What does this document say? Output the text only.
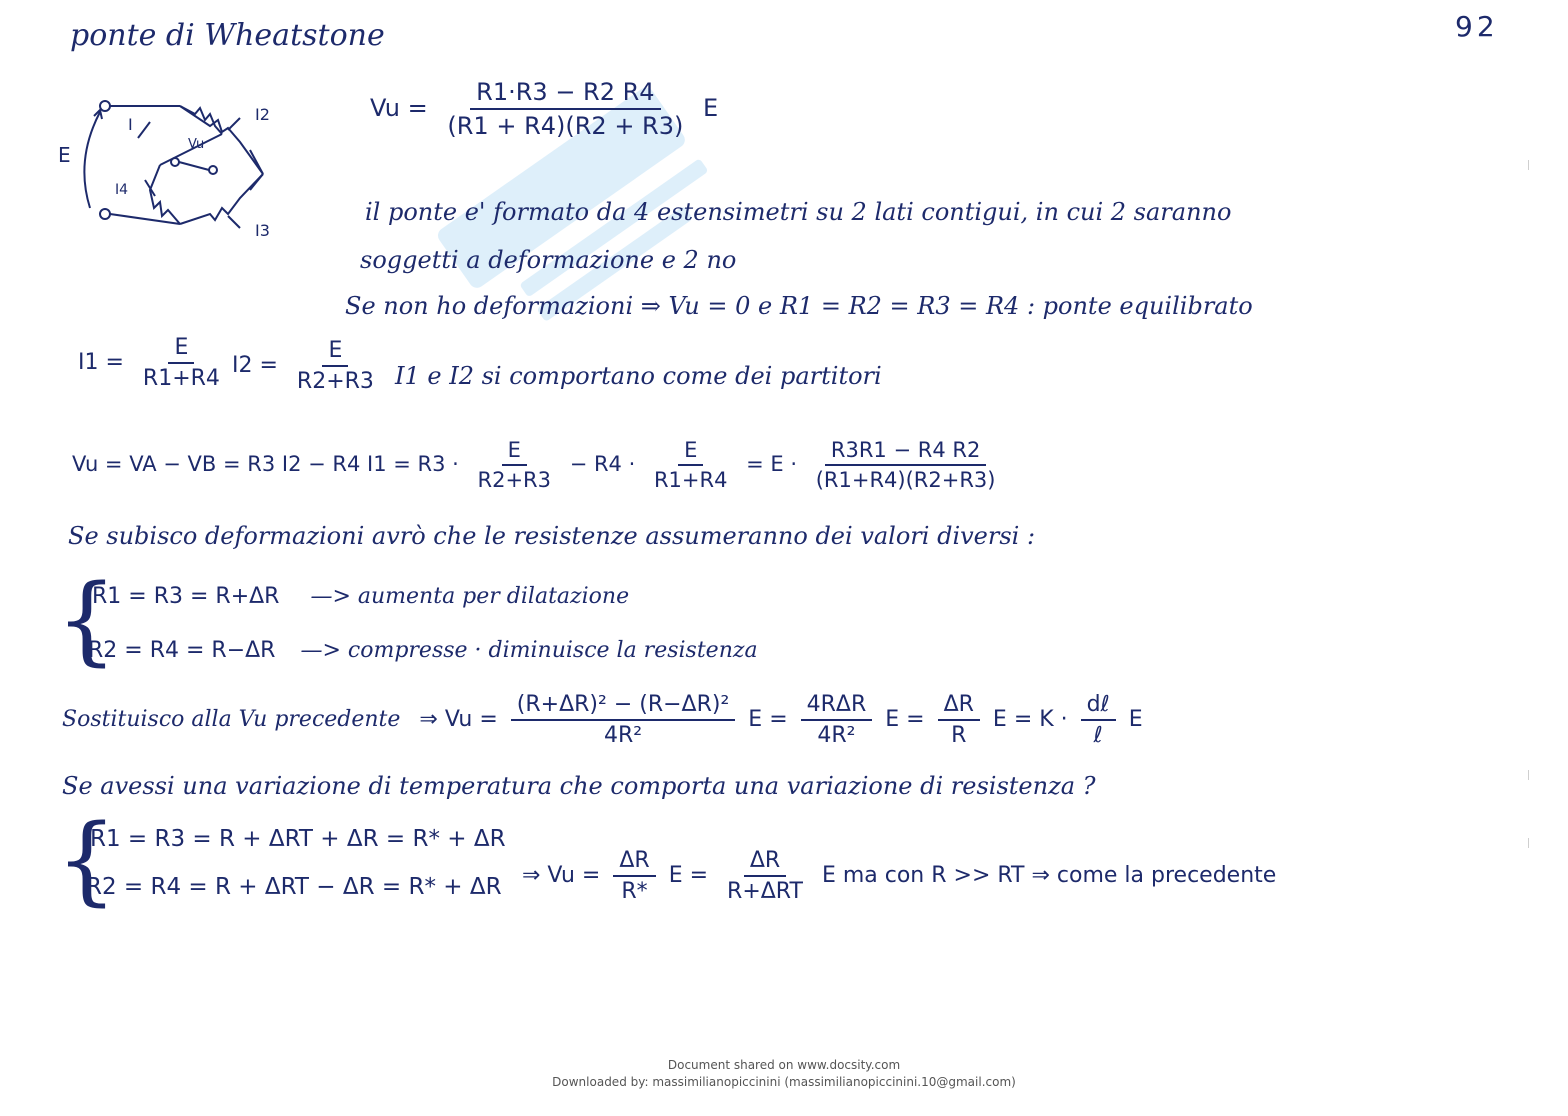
ponte di Wheatstone	92
E
I
I2
I3
I4
Vu
$Vu = \frac{R1\cdot R3 - R2 R4}{(R1 + R4)(R2 + R3)}$ E
il ponte e' formato da 4 estensimetri su 2 lati contigui, in cui 2 saranno
soggetti a deformazione e 2 no
Se non ho deformazioni ⇒ Vu = 0 e R1 = R2 = R3 = R4 : ponte equilibrato
$I1 = \frac{E}{R1+R4} I2 = \frac{E}{R2+R3} I1$ e I2 si comportano come dei partitori
Vu = VA − VB = R3 I2 − R4 $I1 = R3 \cdot \frac{E}{R2+R3} - R4 \cdot \frac{E}{R1+R4} = E \cdot \frac{R3R1 - R4 R2}{(R1+R4)(R2+R3)}$
Se subisco deformazioni avrò che le resistenze assumeranno dei valori diversi :
{
R1 = R3 = R+ΔR —> aumenta per dilatazione
R2 = R4 = R−ΔR —> compresse · diminuisce la resistenza
Sostituisco alla Vu precedente ⇒ $Vu = \frac{\text{(R+ΔR)² − (R−ΔR)²}}{\text{4R²}}$ $E = \frac{\text{4RΔR}}{\text{4R²}}$ $E = \frac{\Delta R}{R}$ $E = K \cdot \frac{\text{dℓ}}{\text{ℓ}}$ E
Se avessi una variazione di temperatura che comporta una variazione di resistenza ?
{
R1 = R3 = R + ΔRT + ΔR = R* + ΔR
R2 = R4 = R + ΔRT − ΔR = R* + ΔR ⇒ $Vu = \frac{\Delta R}{R*}$ $E = \frac{\Delta R}{\text{R+ΔRT}}$ E ma con R >> RT ⇒ come la precedente
Document shared on www.docsity.com
Downloaded by: massimilianopiccinini (massimilianopiccinini.10@gmail.com)
